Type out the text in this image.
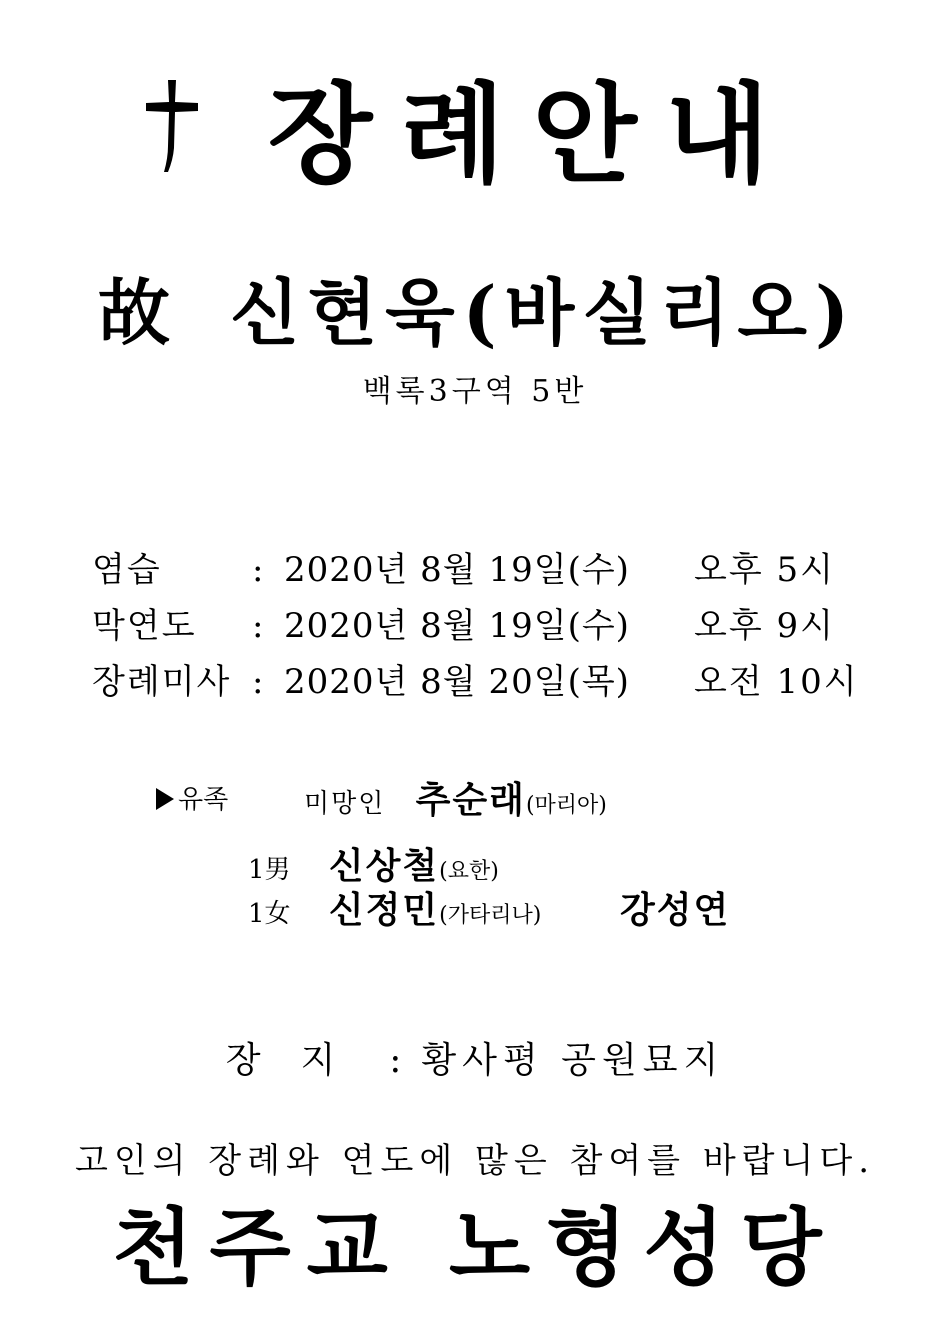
장례안내
故 신현욱(바실리오)
백록3구역 5반
염습	: 2020년 8월 19일(수) 오후 5시
막연도	: 2020년 8월 19일(수) 오후 9시
장례미사 : 2020년 8월 20일(목) 오전 10시
유족	미망인 추순래(마리아)
1男 신상철(요한)
1女 신정민(가타리나) 강성연
장지 : 황사평 공원묘지
고인의 장례와 연도에 많은 참여를 바랍니다.
천주교 노형성당
